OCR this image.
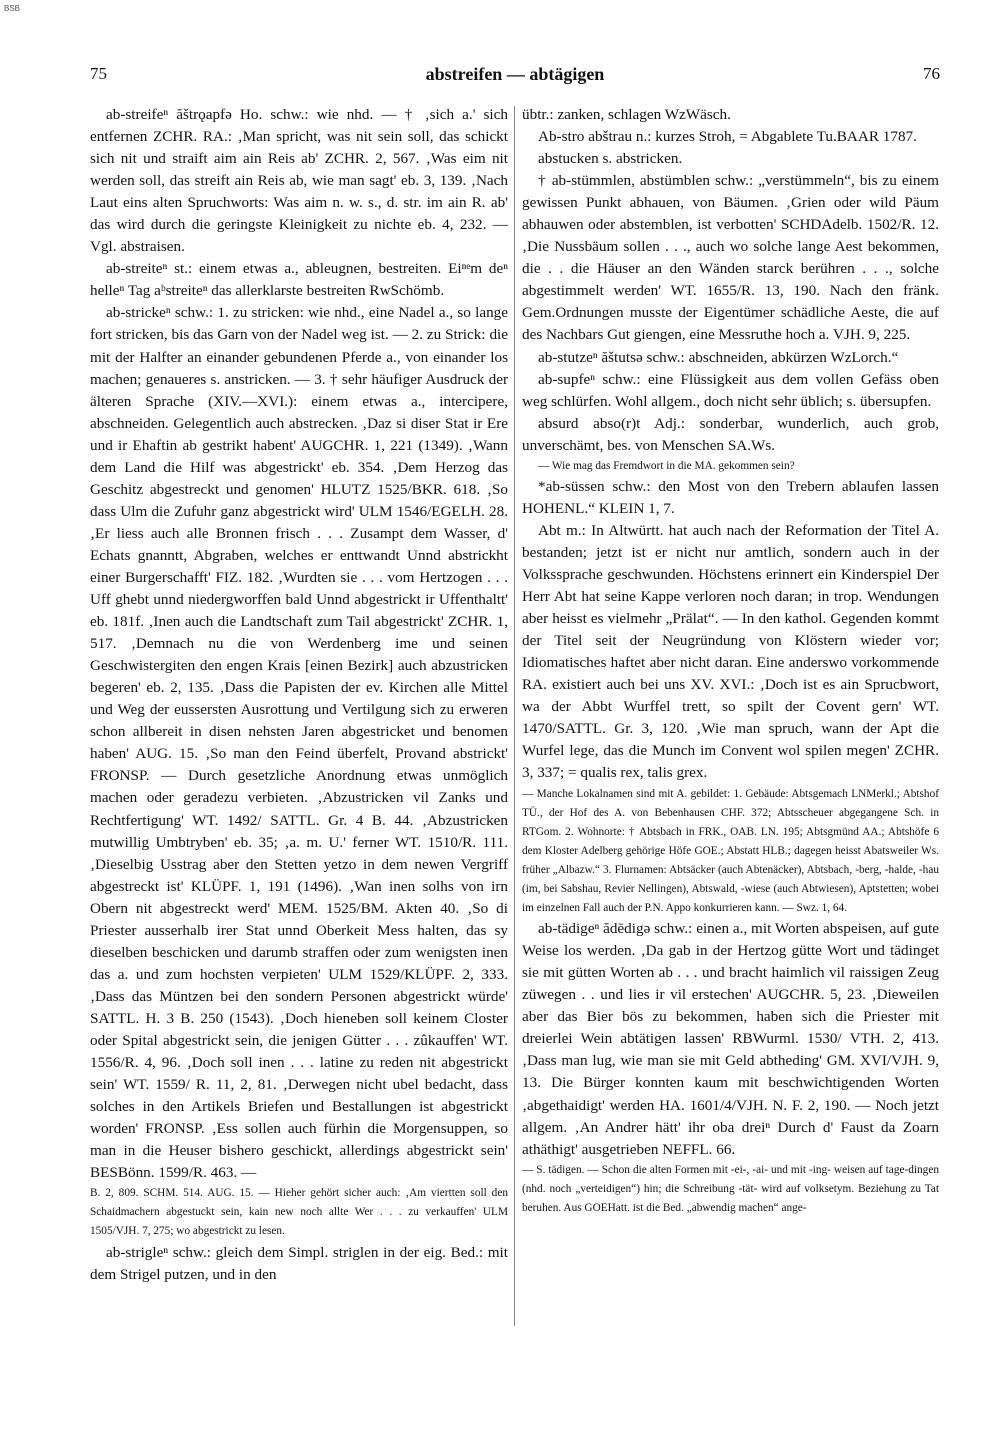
BSB
75	abstreifen — abtägigen	76

ab-streifeⁿ ăštrǫapfə Ho. schw.: wie nhd. — † ‚sich a.' sich entfernen ZCHR. RA.: ‚Man spricht, was nit sein soll, das schickt sich nit und straift aim ain Reis ab' ZCHR. 2, 567. ‚Was eim nit werden soll, das streift ain Reis ab, wie man sagt' eb. 3, 139. ‚Nach Laut eins alten Spruchworts: Was aim n. w. s., d. str. im ain R. ab' das wird durch die geringste Kleinigkeit zu nichte eb. 4, 232. — Vgl. abstraisen.

ab-streiteⁿ st.: einem etwas a., ableugnen, bestreiten. Eiⁿᵉm deⁿ helleⁿ Tag aᵇstreiteⁿ das allerklarste bestreiten RwSchömb.

ab-strickeⁿ schw.: 1. zu stricken: wie nhd., eine Nadel a., so lange fort stricken, bis das Garn von der Nadel weg ist. — 2. zu Strick: die mit der Halfter an einander gebundenen Pferde a., von einander los machen; genaueres s. anstricken. — 3. † sehr häufiger Ausdruck der älteren Sprache (XIV.—XVI.): einem etwas a., intercipere, abschneiden. Gelegentlich auch abstrecken. ‚Daz si diser Stat ir Ere und ir Ehaftin ab gestrikt habent' AUGCHR. 1, 221 (1349). ‚Wann dem Land die Hilf was abgestrickt' eb. 354. ‚Dem Herzog das Geschitz abgestreckt und genomen' HLUTZ 1525/BKR. 618. ‚So dass Ulm die Zufuhr ganz abgestrickt wird' ULM 1546/EGELH. 28. ‚Er liess auch alle Bronnen frisch . . . Zusampt dem Wasser, d' Echats gnanntt, Abgraben, welches er enttwandt Unnd abstrickht einer Burgerschafft' FIZ. 182. ‚Wurdten sie . . . vom Hertzogen . . . Uff ghebt unnd niedergworffen bald Unnd abgestrickt ir Uffenthaltt' eb. 181f. ‚Inen auch die Landtschaft zum Tail abgestrickt' ZCHR. 1, 517. ‚Demnach nu die von Werdenberg ime und seinen Geschwistergiten den engen Krais [einen Bezirk] auch abzustricken begeren' eb. 2, 135. ‚Dass die Papisten der ev. Kirchen alle Mittel und Weg der eussersten Ausrottung und Vertilgung sich zu erweren schon allbereit in disen nehsten Jaren abgestricket und benomen haben' AUG. 15. ‚So man den Feind überfelt, Provand abstrickt' FRONSP. — Durch gesetzliche Anordnung etwas unmöglich machen oder geradezu verbieten. ‚Abzustricken vil Zanks und Rechtfertigung' WT. 1492/ SATTL. Gr. 4 B. 44. ‚Abzustricken mutwillig Umbtryben' eb. 35; ‚a. m. U.' ferner WT. 1510/R. 111. ‚Dieselbig Usstrag aber den Stetten yetzo in dem newen Vergriff abgestreckt ist' KLÜPF. 1, 191 (1496). ‚Wan inen solhs von irn Obern nit abgestreckt werd' MEM. 1525/BM. Akten 40. ‚So di Priester ausserhalb irer Stat unnd Oberkeit Mess halten, das sy dieselben beschicken und darumb straffen oder zum wenigsten inen das a. und zum hochsten verpieten' ULM 1529/KLÜPF. 2, 333. ‚Dass das Müntzen bei den sondern Personen abgestrickt würde' SATTL. H. 3 B. 250 (1543). ‚Doch hieneben soll keinem Closter oder Spital abgestrickt sein, die jenigen Gütter . . . zûkauffen' WT. 1556/R. 4, 96. ‚Doch soll inen . . . latine zu reden nit abgestrickt sein' WT. 1559/ R. 11, 2, 81. ‚Derwegen nicht ubel bedacht, dass solches in den Artikels Briefen und Bestallungen ist abgestrickt worden' FRONSP. ‚Ess sollen auch fürhin die Morgensuppen, so man in die Heuser bishero geschickt, allerdings abgestrickt sein' BESBönn. 1599/R. 463. —

B. 2, 809. SCHM. 514. AUG. 15. — Hieher gehört sicher auch: ‚Am viertten soll den Schaidmachern abgestuckt sein, kain new noch allte Wer . . . zu verkauffen' ULM 1505/VJH. 7, 275; wo abgestrickt zu lesen.

ab-strigleⁿ schw.: gleich dem Simpl. striglen in der eig. Bed.: mit dem Strigel putzen, und in den

übtr.: zanken, schlagen WzWäsch.

Ab-stro abštrau n.: kurzes Stroh, = Abgablete Tu.BAAR 1787.

abstucken s. abstricken.

† ab-stümmlen, abstümblen schw.: „verstümmeln“, bis zu einem gewissen Punkt abhauen, von Bäumen. ‚Grien oder wild Päum abhauwen oder abstemblen, ist verbotten' SCHDAdelb. 1502/R. 12. ‚Die Nussbäum sollen . . ., auch wo solche lange Aest bekommen, die . . die Häuser an den Wänden starck berühren . . ., solche abgestimmelt werden' WT. 1655/R. 13, 190. Nach den fränk. Gem.Ordnungen musste der Eigentümer schädliche Aeste, die auf des Nachbars Gut giengen, eine Messruthe hoch a. VJH. 9, 225.

ab-stutzeⁿ ăštutsə schw.: abschneiden, abkürzen WzLorch.“

ab-supfeⁿ schw.: eine Flüssigkeit aus dem vollen Gefäss oben weg schlürfen. Wohl allgem., doch nicht sehr üblich; s. übersupfen.

absurd abso(r)t Adj.: sonderbar, wunderlich, auch grob, unverschämt, bes. von Menschen SA.Ws.

— Wie mag das Fremdwort in die MA. gekommen sein?

*ab-süssen schw.: den Most von den Trebern ablaufen lassen HOHENL.“ KLEIN 1, 7.

Abt m.: In Altwürtt. hat auch nach der Reformation der Titel A. bestanden; jetzt ist er nicht nur amtlich, sondern auch in der Volkssprache geschwunden. Höchstens erinnert ein Kinderspiel Der Herr Abt hat seine Kappe verloren noch daran; in trop. Wendungen aber heisst es vielmehr „Prälat“. — In den kathol. Gegenden kommt der Titel seit der Neugründung von Klöstern wieder vor; Idiomatisches haftet aber nicht daran. Eine anderswo vorkommende RA. existiert auch bei uns XV. XVI.: ‚Doch ist es ain Sprucbwort, wa der Abbt Wurffel trett, so spilt der Covent gern' WT. 1470/SATTL. Gr. 3, 120. ‚Wie man spruch, wann der Apt die Wurfel lege, das die Munch im Convent wol spilen megen' ZCHR. 3, 337; = qualis rex, talis grex.

— Manche Lokalnamen sind mit A. gebildet: 1. Gebäude: Abtsgemach LNMerkl.; Abtshof TÜ., der Hof des A. von Bebenhausen CHF. 372; Abtsscheuer abgegangene Sch. in RTGom. 2. Wohnorte: † Abtsbach in FRK., OAB. LN. 195; Abtsgmünd AA.; Abtshöfe 6 dem Kloster Adelberg gehörige Höfe GOE.; Abstatt HLB.; dagegen heisst Abatsweiler Ws. früher „Albazw.“ 3. Flurnamen: Abtsäcker (auch Abtenäcker), Abtsbach, -berg, -halde, -hau (im, bei Sabshau, Revier Nellingen), Abtswald, -wiese (auch Abtwiesen), Aptstetten; wobei im einzelnen Fall auch der P.N. Appo konkurrieren kann. — Swz. 1, 64.

ab-tädigeⁿ ădēdigə schw.: einen a., mit Worten abspeisen, auf gute Weise los werden. ‚Da gab in der Hertzog gütte Wort und tädinget sie mit gütten Worten ab . . . und bracht haimlich vil raissigen Zeug züwegen . . und lies ir vil erstechen' AUGCHR. 5, 23. ‚Dieweilen aber das Bier bös zu bekommen, haben sich die Priester mit dreierlei Wein abtätigen lassen' RBWurml. 1530/ VTH. 2, 413. ‚Dass man lug, wie man sie mit Geld abtheding' GM. XVI/VJH. 9, 13. Die Bürger konnten kaum mit beschwichtigenden Worten ‚abgethaidigt' werden HA. 1601/4/VJH. N. F. 2, 190. — Noch jetzt allgem. ‚An Andrer hätt' ihr oba dreiⁿ Durch d' Faust da Zoarn athäthigt' ausgetrieben NEFFL. 66.

— S. tädigen. — Schon die alten Formen mit -ei-, -ai- und mit -ing- weisen auf tage-dingen (nhd. noch „verteidigen“) hin; die Schreibung -tät- wird auf volksetym. Beziehung zu Tat beruhen. Aus GOEHatt. ist die Bed. „abwendig machen“ ange-
